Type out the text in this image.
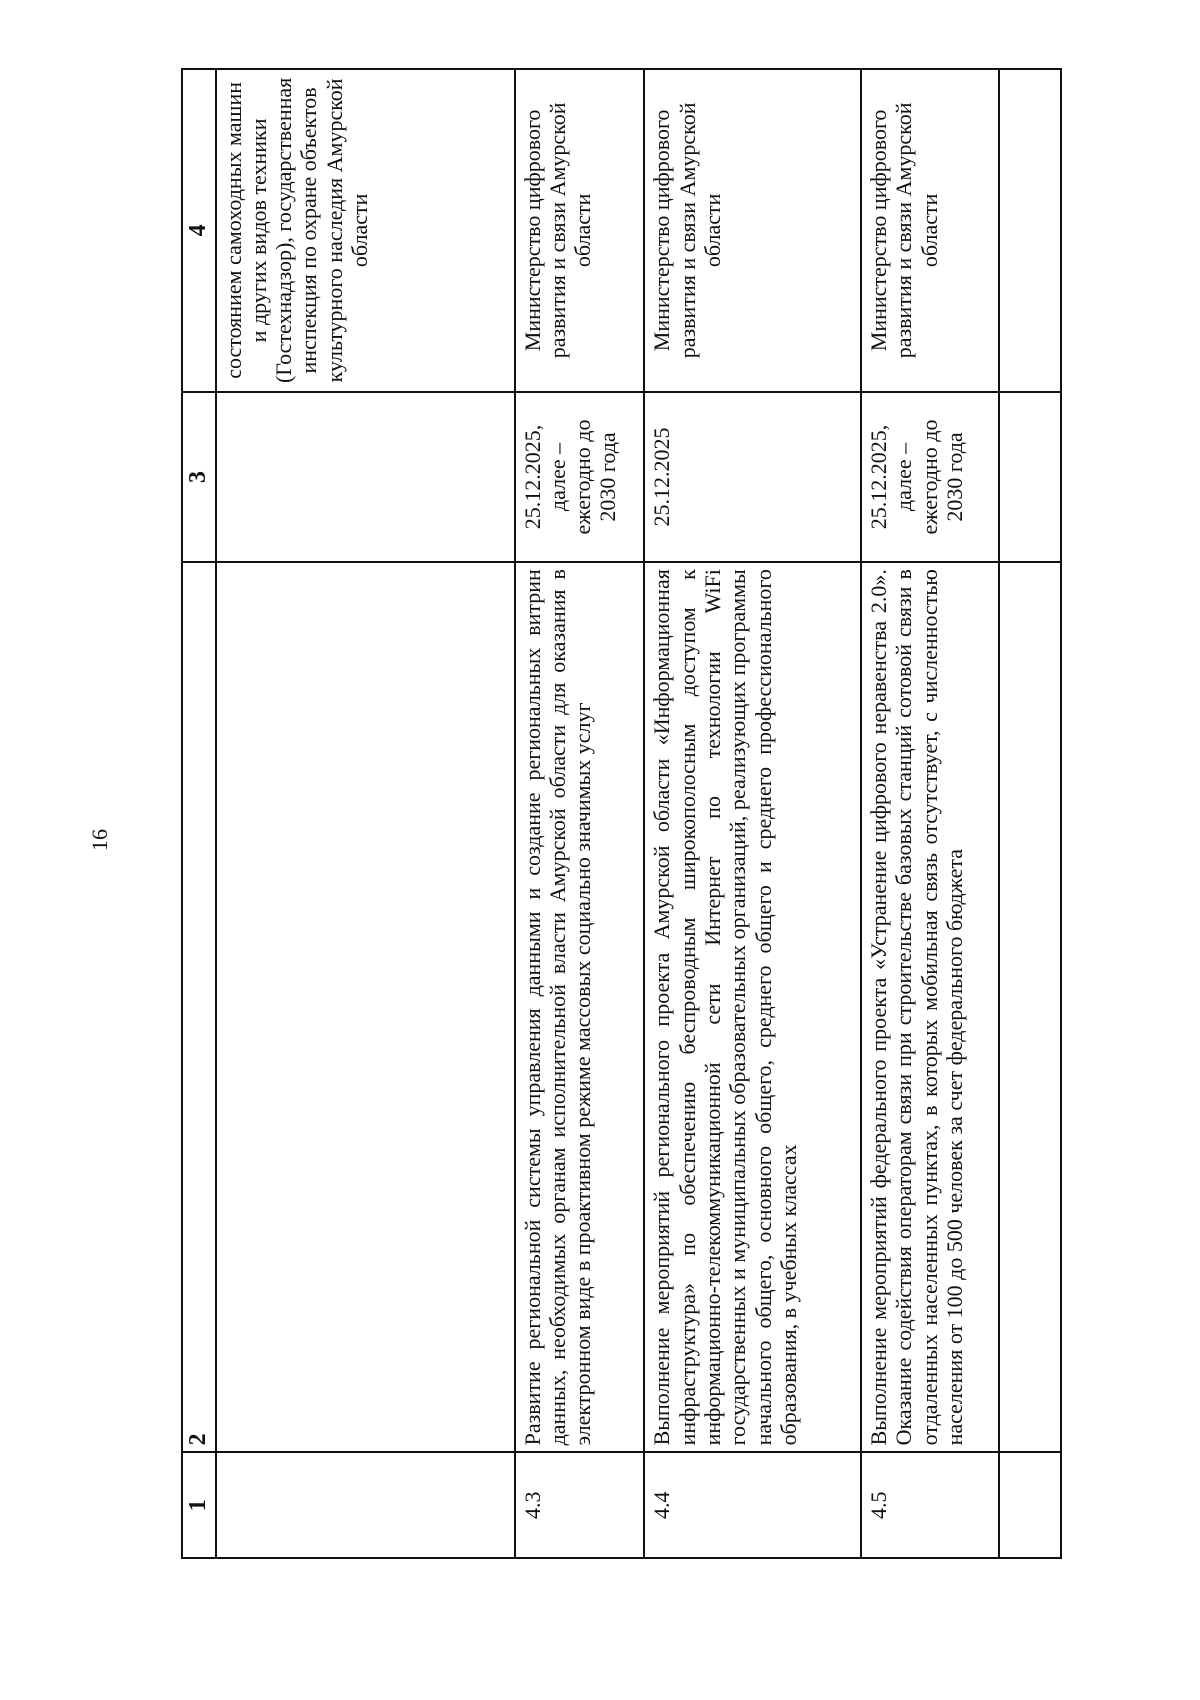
16
1	2	3	4
			состоянием самоходных машин и других видов техники (Гостехнадзор), государственная инспекция по охране объектов культурного наследия Амурской области
4.3	Развитие региональной системы управления данными и создание региональных витрин данных, необходимых органам исполнительной власти Амурской области для оказания в электронном виде в проактивном режиме массовых социально значимых услуг	25.12.2025, далее – ежегодно до 2030 года	Министерство цифрового развития и связи Амурской области
4.4	Выполнение мероприятий регионального проекта Амурской области «Информационная инфраструктура» по обеспечению беспроводным широкополосным доступом к информационно-телекоммуникационной сети Интернет по технологии WiFi государственных и муниципальных образовательных организаций, реализующих программы начального общего, основного общего, среднего общего и среднего профессионального образования, в учебных классах	25.12.2025	Министерство цифрового развития и связи Амурской области
4.5	Выполнение мероприятий федерального проекта «Устранение цифрового неравенства 2.0». Оказание содействия операторам связи при строительстве базовых станций сотовой связи в отдаленных населенных пунктах, в которых мобильная связь отсутствует, с численностью населения от 100 до 500 человек за счет федерального бюджета	25.12.2025, далее – ежегодно до 2030 года	Министерство цифрового развития и связи Амурской области
